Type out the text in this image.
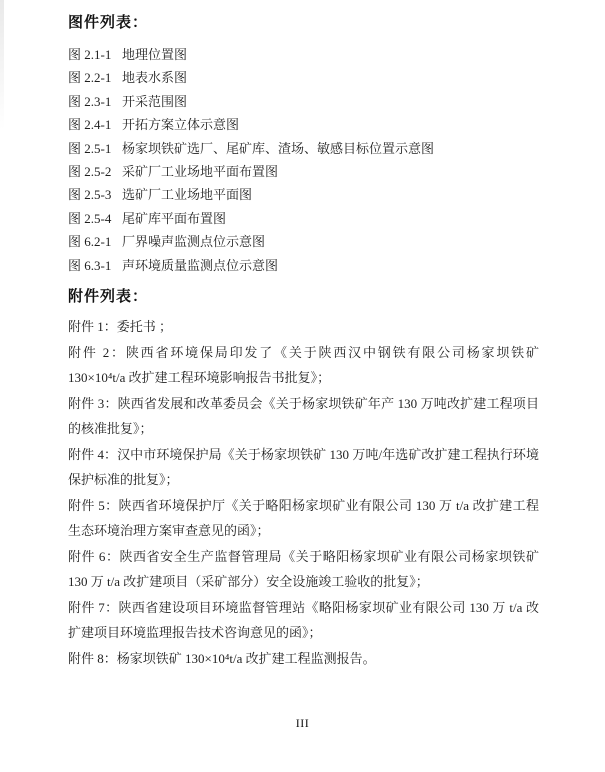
图件列表：
图 2.1-1 地理位置图
图 2.2-1 地表水系图
图 2.3-1 开采范围图
图 2.4-1 开拓方案立体示意图
图 2.5-1 杨家坝铁矿选厂、尾矿库、渣场、敏感目标位置示意图
图 2.5-2 采矿厂工业场地平面布置图
图 2.5-3 选矿厂工业场地平面图
图 2.5-4 尾矿库平面布置图
图 6.2-1 厂界噪声监测点位示意图
图 6.3-1 声环境质量监测点位示意图
附件列表：

附件 1：委托书 ；

附件 2：陕西省环境保局印发了《关于陕西汉中钢铁有限公司杨家坝铁矿 130×10⁴t/a 改扩建工程环境影响报告书批复》；

附件 3：陕西省发展和改革委员会《关于杨家坝铁矿年产 130 万吨改扩建工程项目的核准批复》；

附件 4：汉中市环境保护局《关于杨家坝铁矿 130 万吨/年选矿改扩建工程执行环境保护标准的批复》；

附件 5：陕西省环境保护厅《关于略阳杨家坝矿业有限公司 130 万 t/a 改扩建工程生态环境治理方案审查意见的函》；

附件 6：陕西省安全生产监督管理局《关于略阳杨家坝矿业有限公司杨家坝铁矿 130 万 t/a 改扩建项目（采矿部分）安全设施竣工验收的批复》；

附件 7：陕西省建设项目环境监督管理站《略阳杨家坝矿业有限公司 130 万 t/a 改扩建项目环境监理报告技术咨询意见的函》；

附件 8：杨家坝铁矿 130×10⁴t/a 改扩建工程监测报告。

III
